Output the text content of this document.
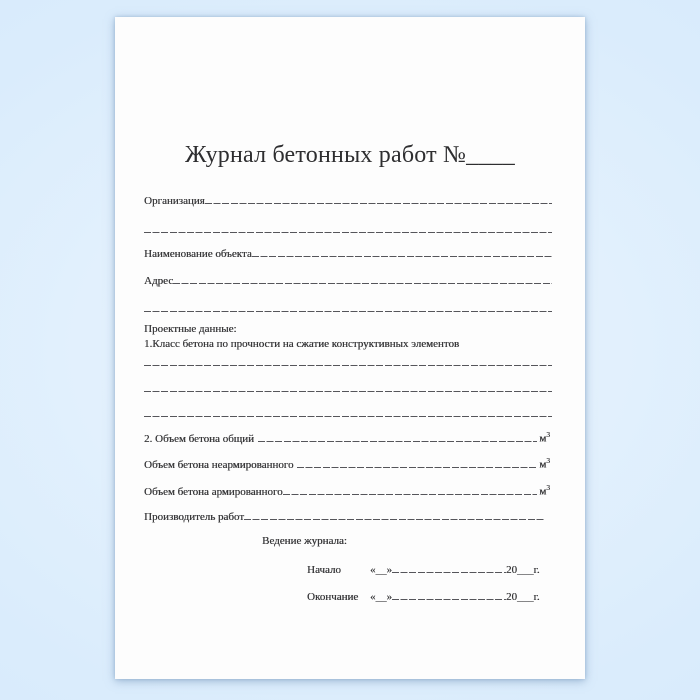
Журнал бетонных работ №____
Организация
Наименование объекта
Адрес
Проектные данные:
1.Класс бетона по прочности на сжатие конструктивных элементов
2. Объем бетона общий	$м^3$
Объем бетона неармированного	$м^3$
Объем бетона армированного	$м^3$
Производитель работ
Ведение журнала:
Начало	«__»	20 ___ г.
Окончание	«__»	20 ___ г.
